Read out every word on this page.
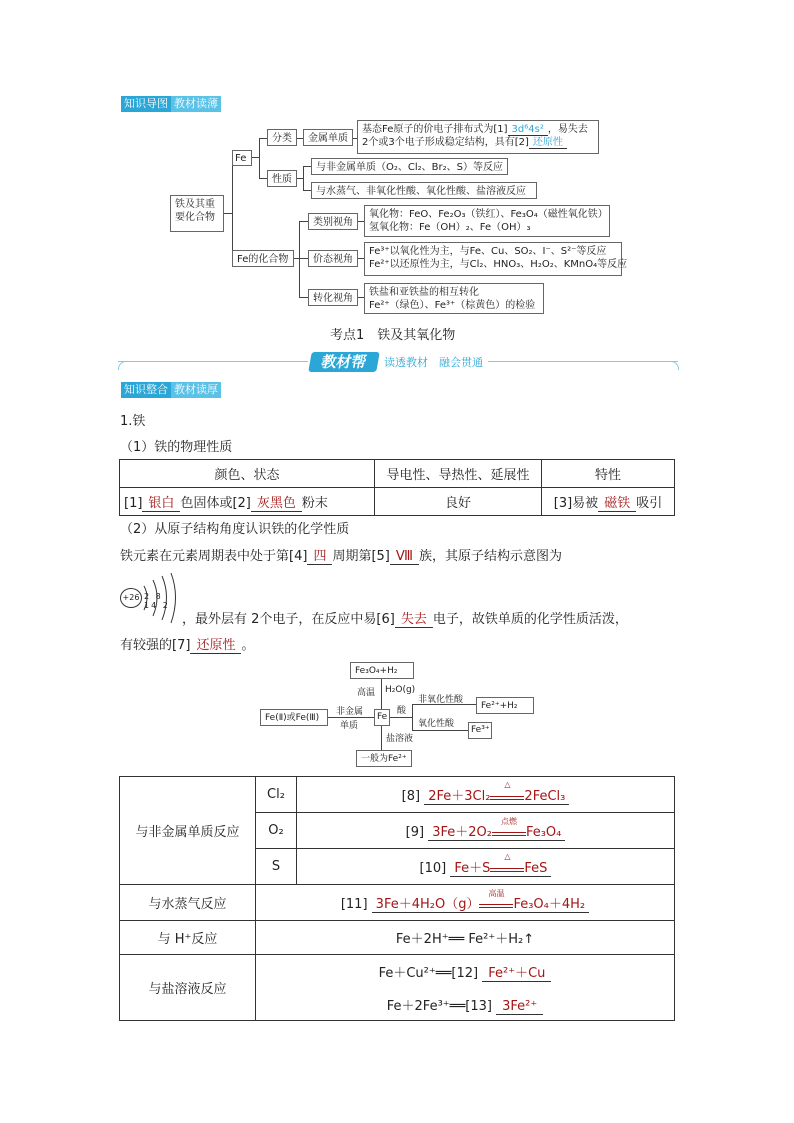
知识导图 教材读薄
铁及其重
要化合物
Fe
分类	金属单质
基态Fe原子的价电子排布式为[1] 3d⁶4s² ，易失去
2个或3个电子形成稳定结构，具有[2] 还原性
性质
与非金属单质（O₂、Cl₂、Br₂、S）等反应
与水蒸气、非氧化性酸、氧化性酸、盐溶液反应
Fe的化合物
类别视角
氧化物：FeO、Fe₂O₃（铁红）、Fe₃O₄（磁性氧化铁）
氢氧化物：Fe（OH）₂、Fe（OH）₃
价态视角
Fe³⁺以氧化性为主，与Fe、Cu、SO₂、I⁻、S²⁻等反应
Fe²⁺以还原性为主，与Cl₂、HNO₃、H₂O₂、KMnO₄等反应
转化视角
铁盐和亚铁盐的相互转化
Fe²⁺（绿色）、Fe³⁺（棕黄色）的检验
考点1　铁及其氧化物
教材帮	读透教材　融会贯通
知识整合 教材读厚
1.铁
（1）铁的物理性质
颜色、状态	导电性、导热性、延展性	特性
[1] 银白 色固体或[2] 灰黑色 粉末	良好	[3]易被 磁铁 吸引
（2）从原子结构角度认识铁的化学性质
铁元素在元素周期表中处于第[4] 四 周期第[5] Ⅷ 族，其原子结构示意图为
+26 2 8 14 2
，最外层有 2个电子，在反应中易[6] 失去 电子，故铁单质的化学性质活泼，
有较强的[7] 还原性 。
Fe₃O₄+H₂
高温 H₂O(g)
Fe(Ⅱ)或Fe(Ⅲ)
非金属
单质
Fe
酸
非氧化性酸
Fe²⁺+H₂
氧化性酸
Fe³⁺
盐溶液
一般为Fe²⁺
与非金属单质反应	Cl₂	[8] 2Fe＋3Cl₂
△
2FeCl₃
	O₂	[9] 3Fe＋2O₂
点燃
Fe₃O₄
	S	[10] Fe＋S
△
FeS
与水蒸气反应	[11] 3Fe＋4H₂O（g）
高温
Fe₃O₄＋4H₂	
与 H⁺反应	Fe＋2H⁺══ Fe²⁺＋H₂↑	
与盐溶液反应	Fe＋Cu²⁺══[12] Fe²⁺＋Cu
Fe＋2Fe³⁺══[13] 3Fe²⁺	
